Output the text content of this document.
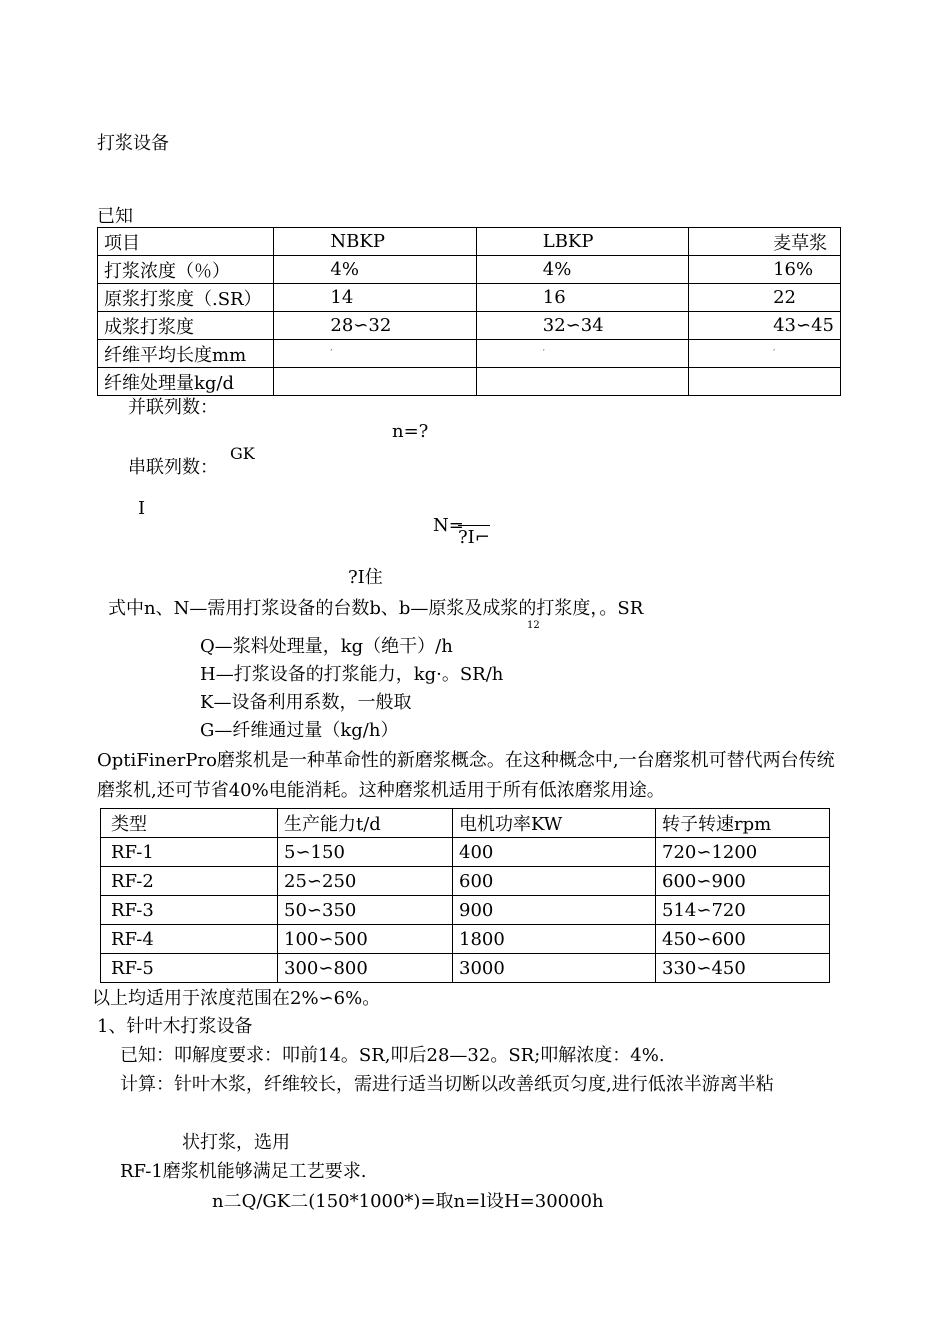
打浆设备
已知
项目	NBKP	LBKP	麦草浆
打浆浓度（％）	4%	4%	16%
原浆打浆度（.SR）	14	16	22
成浆打浆度	28∽32	32∽34	43∽45
纤维平均长度mm	′	′	′
纤维处理量kg/d			
并联列数：
n=?
GK
串联列数：
I
N=
?I⌐
?I住
式中n、N—需用打浆设备的台数b、b—原浆及成浆的打浆度，。SR
12
Q—浆料处理量，kg（绝干）/h
H—打浆设备的打浆能力，kg·。SR/h
K—设备利用系数，一般取
G—纤维通过量（kg/h）
OptiFinerPro磨浆机是一种革命性的新磨浆概念。在这种概念中,一台磨浆机可替代两台传统磨浆机,还可节省40%电能消耗。这种磨浆机适用于所有低浓磨浆用途。
类型	生产能力t/d	电机功率KW	转子转速rpm
RF-1	5∽150	400	720∽1200
RF-2	25∽250	600	600∽900
RF-3	50∽350	900	514∽720
RF-4	100∽500	1800	450∽600
RF-5	300∽800	3000	330∽450
以上均适用于浓度范围在2%∽6%。
1、针叶木打浆设备
已知：叩解度要求：叩前14。SR,叩后28—32。SR;叩解浓度：4%.
计算：针叶木浆，纤维较长，需进行适当切断以改善纸页匀度,进行低浓半游离半粘
状打浆，选用
RF-1磨浆机能够满足工艺要求.
n二Q/GK二(150*1000*)=取n=l设H=30000h
